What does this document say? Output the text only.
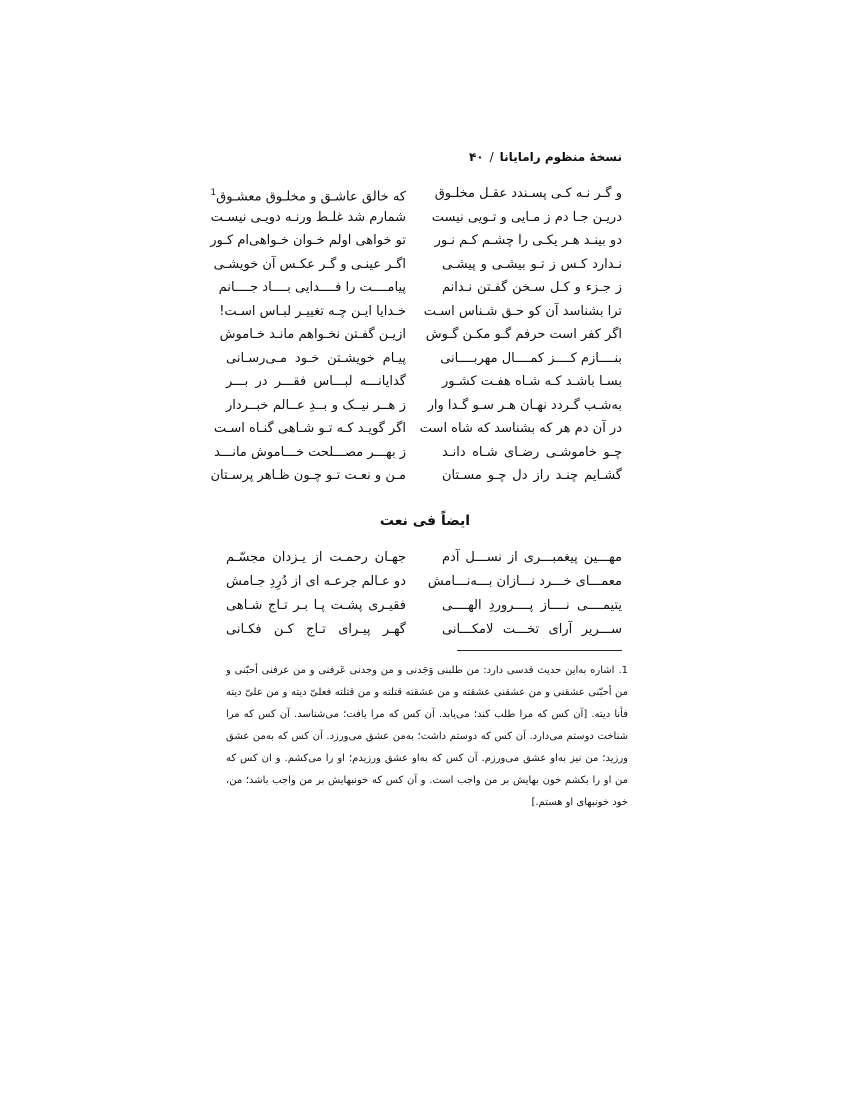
نسخهٔ منظوم رامایانا/۴۰
و گـر نـه کـی پسـندد عقـل مخلـوق
که خالق عاشـق و مخلـوق معشـوق$^1$
دریـن جـا دم ز مـایی و تـویی نیست
شمارم شد غلـط ورنـه دویـی نیسـت
دو بینـد هـر یکـی را چشـم کـم نـور
تو خواهی اولم خـوان خـواهی‌ام کـور
نـدارد کـس ز تـو بیشـی و پیشـی
اگـر عینـی و گـر عکـس آن خویشـی
ز جـزء و کـل سـخن گفـتن نـدانم
پیامــــت را فــــدایی بــــاد جــــانم
ترا بشناسد آن کو حـق شـناس اسـت
خـدایا ایـن چـه تغییـر لبـاس اسـت!
اگر کفر است حرفم گـو مکـن گـوش
ازیـن گفـتن نخـواهم مانـد خـاموش
بنــــازم کــــز کمــــال مهربــــانی
پیـام خویشـتن خـود مـی‌رسـانی
بسـا باشـد کـه شـاه هفـت کشـور
گدایانـــه لبـــاس فقـــر در بـــر
به‌شـب گـردد نهـان هـر سـو گـدا وار
ز هــر نیــک و بــدِ عــالم خبــردار
در آن دم هر که بشناسد که شاه است
اگر گویـد کـه تـو شـاهی گنـاه اسـت
چـو خاموشـی رضـای شـاه دانـد
ز بهـــر مصـــلحت خـــاموش مانـــد
گشـایم چنـد راز دل چـو مسـتان
مـن و نعـت تـو چـون ظـاهر پرسـتان
ایضاً فی نعت
مهـــین پیغمبـــری از نســـل آدم
جهـان رحمـت از یـزدان مجسّـم
معمـــای خـــرد نـــازان بـــه‌نـــامش
دو عـالم جرعـه ای از دُرِدِ جـامش
یتیمــــی نــــاز پــــروردِ الهــــی
فقیـری پشـت پـا بـر تـاج شـاهی
ســـریر آرای تخـــت لامکـــانی
گهـر پیـرای تـاج کـن فکـانی
1.اشاره به‌این حدیث قدسی دارد: من طلبنی وَجَدنی و من وجدنی عَرفنی و من عرفنی أحبّنی و من أحبّنی عشقنی و من عشقنی عشقته و من عشقته قتلته و من قتلته فعلیّ دیته و من علیّ دیته فأنا دیته. [آن کس که مرا طلب کند؛ می‌یابد. آن کس که مرا یافت؛ می‌شناسد. آن کس که مرا شناخت دوستم می‌دارد. آن کس که دوستم داشت؛ به‌من عشق می‌ورزد. آن کس که به‌من عشق ورزید؛ من نیز به‌او عشق می‌ورزم. آن کس که به‌او عشق ورزیدم؛ او را می‌کشم. و ان کس که من او را بکشم خون بهایش بر من واجب است. و آن کس که خونبهایش بر من واجب باشد؛ من، خود خونبهای او هستم.]
